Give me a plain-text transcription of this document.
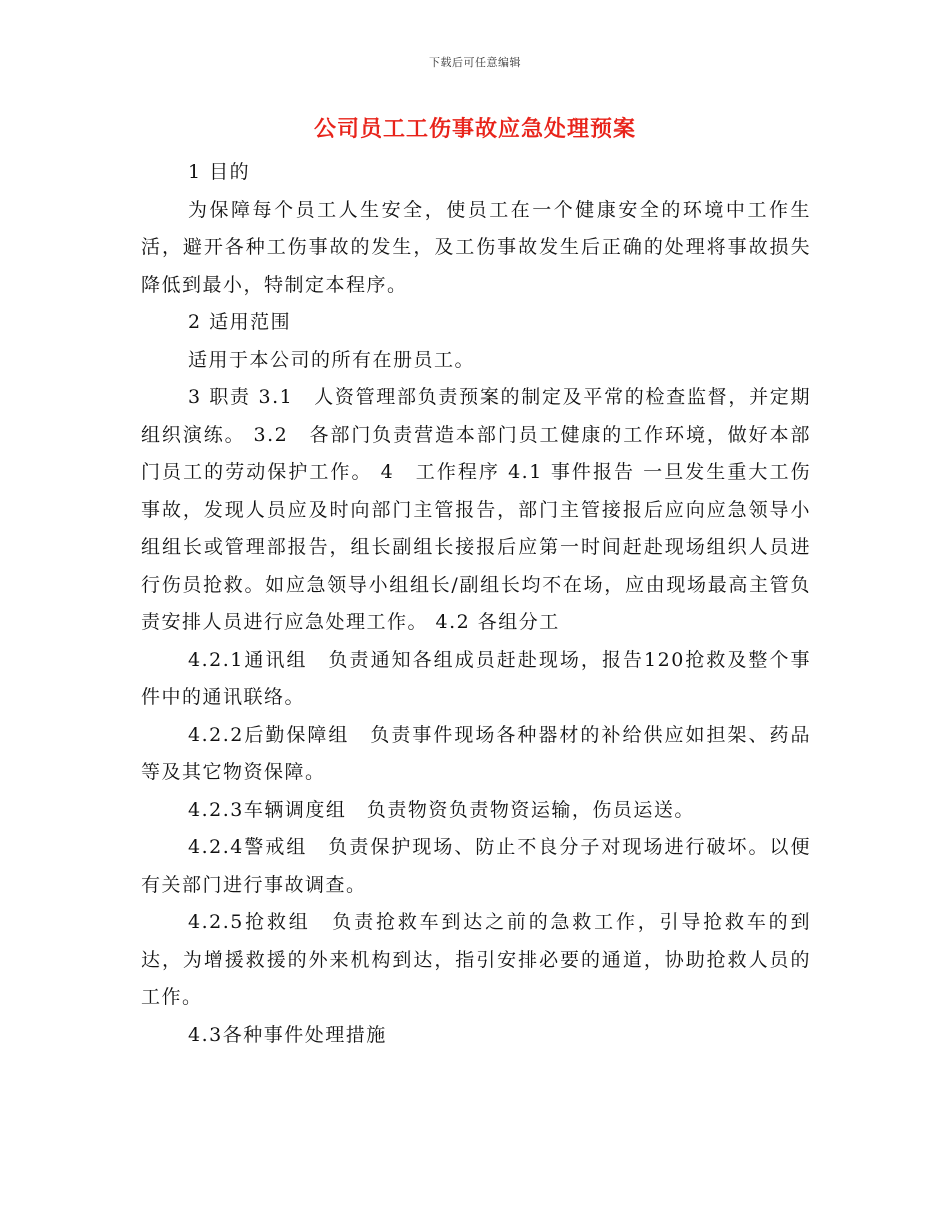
下载后可任意编辑
公司员工工伤事故应急处理预案

1 目的

为保障每个员工人生安全，使员工在一个健康安全的环境中工作生活，避开各种工伤事故的发生，及工伤事故发生后正确的处理将事故损失降低到最小，特制定本程序。

2 适用范围

适用于本公司的所有在册员工。

3 职责 3.1　人资管理部负责预案的制定及平常的检查监督，并定期组织演练。 3.2　各部门负责营造本部门员工健康的工作环境，做好本部门员工的劳动保护工作。 4　工作程序 4.1 事件报告 一旦发生重大工伤事故，发现人员应及时向部门主管报告，部门主管接报后应向应急领导小组组长或管理部报告，组长副组长接报后应第一时间赶赴现场组织人员进行伤员抢救。如应急领导小组组长/副组长均不在场，应由现场最高主管负责安排人员进行应急处理工作。 4.2 各组分工

4.2.1通讯组　负责通知各组成员赶赴现场，报告120抢救及整个事件中的通讯联络。

4.2.2后勤保障组　负责事件现场各种器材的补给供应如担架、药品等及其它物资保障。

4.2.3车辆调度组　负责物资负责物资运输，伤员运送。

4.2.4警戒组　负责保护现场、防止不良分子对现场进行破坏。以便有关部门进行事故调查。

4.2.5抢救组　负责抢救车到达之前的急救工作，引导抢救车的到达，为增援救援的外来机构到达，指引安排必要的通道，协助抢救人员的工作。

4.3各种事件处理措施
